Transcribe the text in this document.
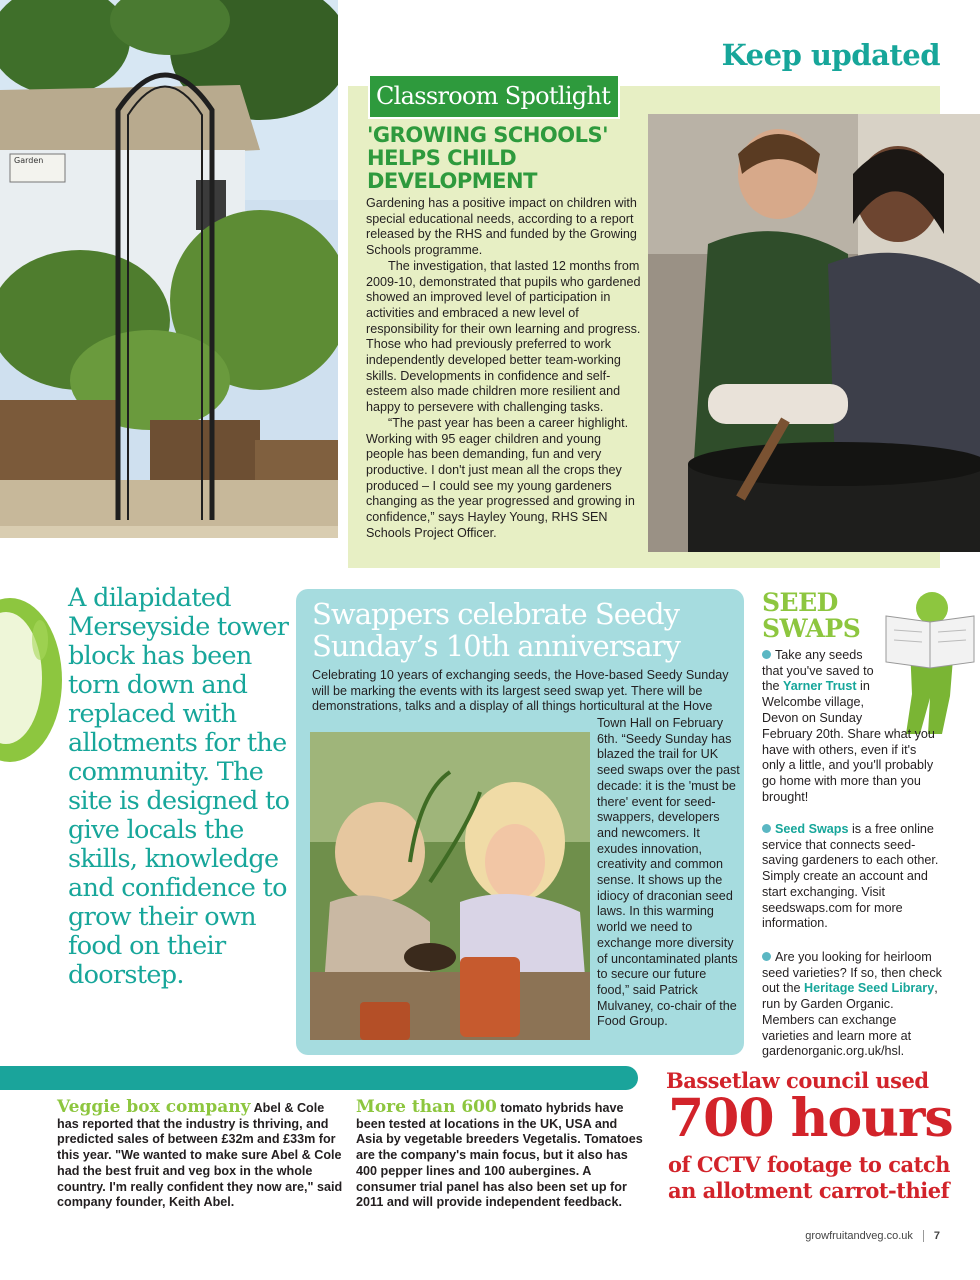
Garden
Keep updated
Classroom Spotlight
'GROWING SCHOOLS' HELPS CHILD DEVELOPMENT

Gardening has a positive impact on children with special educational needs, according to a report released by the RHS and funded by the Growing Schools programme.

The investigation, that lasted 12 months from 2009-10, demonstrated that pupils who gardened showed an improved level of participation in activities and embraced a new level of responsibility for their own learning and progress. Those who had previously preferred to work independently developed better team-working skills. Developments in confidence and self-esteem also made children more resilient and happy to persevere with challenging tasks.

“The past year has been a career highlight. Working with 95 eager children and young people has been demanding, fun and very productive. I don't just mean all the crops they produced – I could see my young gardeners changing as the year progressed and growing in confidence,” says Hayley Young, RHS SEN Schools Project Officer.

A dilapidated Merseyside tower block has been torn down and replaced with allotments for the community. The site is designed to give locals the skills, knowledge and confidence to grow their own food on their doorstep.
Swappers celebrate Seedy Sunday’s 10th anniversary
Celebrating 10 years of exchanging seeds, the Hove-based Seedy Sunday will be marking the events with its largest seed swap yet. There will be demonstrations, talks and a display of all things horticultural at the Hove
Town Hall on February 6th. “Seedy Sunday has blazed the trail for UK seed swaps over the past decade: it is the 'must be there' event for seed-swappers, developers and newcomers. It exudes innovation, creativity and common sense. It shows up the idiocy of draconian seed laws. In this warming world we need to exchange more diversity of uncontaminated plants to secure our future food,” said Patrick Mulvaney, co-chair of the Food Group.
SEED SWAPS
Take any seeds that you've saved to the Yarner Trust in Welcombe village, Devon on Sunday
February 20th. Share what you have with others, even if it's only a little, and you'll probably go home with more than you brought!
Seed Swaps is a free online service that connects seed-saving gardeners to each other. Simply create an account and start exchanging. Visit seedswaps.com for more information.
Are you looking for heirloom seed varieties? If so, then check out the Heritage Seed Library, run by Garden Organic. Members can exchange varieties and learn more at gardenorganic.org.uk/hsl.
Veggie box company Abel & Cole has reported that the industry is thriving, and predicted sales of between £32m and £33m for this year. "We wanted to make sure Abel & Cole had the best fruit and veg box in the whole country. I'm really confident they now are," said company founder, Keith Abel.
More than 600 tomato hybrids have been tested at locations in the UK, USA and Asia by vegetable breeders Vegetalis. Tomatoes are the company's main focus, but it also has 400 pepper lines and 100 aubergines. A consumer trial panel has also been set up for 2011 and will provide independent feedback.
Bassetlaw council used
700 hours
of CCTV footage to catch an allotment carrot-thief
growfruitandveg.co.uk 7
